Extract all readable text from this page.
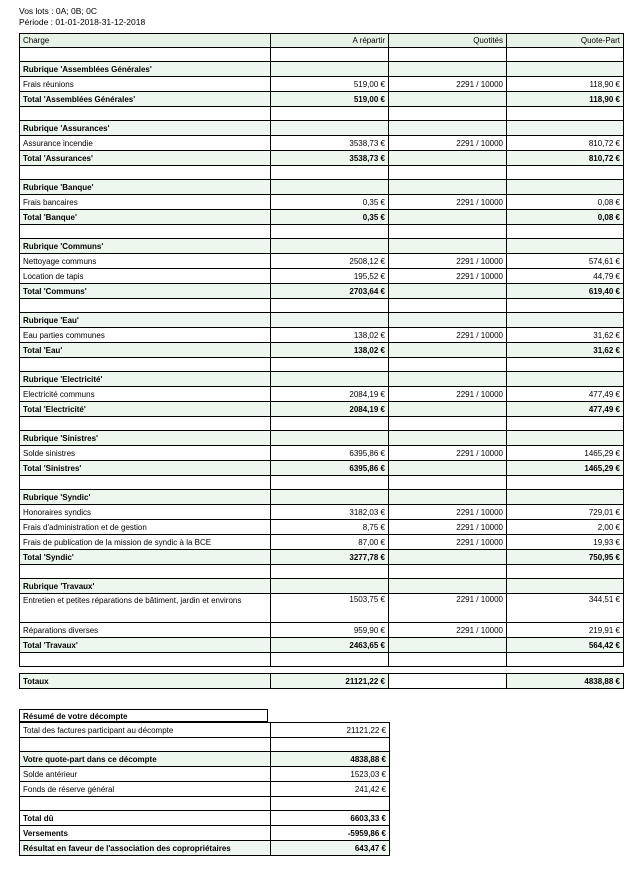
Vos lots : 0A; 0B; 0C
Période : 01-01-2018-31-12-2018
Charge	A répartir	Quotités	Quote-Part

Rubrique 'Assemblées Générales'			
Frais réunions	519,00 €	2291 / 10000	118,90 €
Total 'Assemblées Générales'	519,00 €		118,90 €

Rubrique 'Assurances'			
Assurance incendie	3538,73 €	2291 / 10000	810,72 €
Total 'Assurances'	3538,73 €		810,72 €

Rubrique 'Banque'			
Frais bancaires	0,35 €	2291 / 10000	0,08 €
Total 'Banque'	0,35 €		0,08 €

Rubrique 'Communs'			
Nettoyage communs	2508,12 €	2291 / 10000	574,61 €
Location de tapis	195,52 €	2291 / 10000	44,79 €
Total 'Communs'	2703,64 €		619,40 €

Rubrique 'Eau'			
Eau parties communes	138,02 €	2291 / 10000	31,62 €
Total 'Eau'	138,02 €		31,62 €

Rubrique 'Electricité'			
Electricité communs	2084,19 €	2291 / 10000	477,49 €
Total 'Electricité'	2084,19 €		477,49 €

Rubrique 'Sinistres'			
Solde sinistres	6395,86 €	2291 / 10000	1465,29 €
Total 'Sinistres'	6395,86 €		1465,29 €

Rubrique 'Syndic'			
Honoraires syndics	3182,03 €	2291 / 10000	729,01 €
Frais d'administration et de gestion	8,75 €	2291 / 10000	2,00 €
Frais de publication de la mission de syndic à la BCE	87,00 €	2291 / 10000	19,93 €
Total 'Syndic'	3277,78 €		750,95 €

Rubrique 'Travaux'			
Entretien et petites réparations de bâtiment, jardin et environs	1503,75 €	2291 / 10000	344,51 €
Réparations diverses	959,90 €	2291 / 10000	219,91 €
Total 'Travaux'	2463,65 €		564,42 €

Totaux	21121,22 €		4838,88 €
Résumé de votre décompte
Total des factures participant au décompte	21121,22 €

Votre quote-part dans ce décompte	4838,88 €
Solde antérieur	1523,03 €
Fonds de réserve général	241,42 €

Total dû	6603,33 €
Versements	-5959,86 €
Résultat en faveur de l'association des copropriétaires	643,47 €
